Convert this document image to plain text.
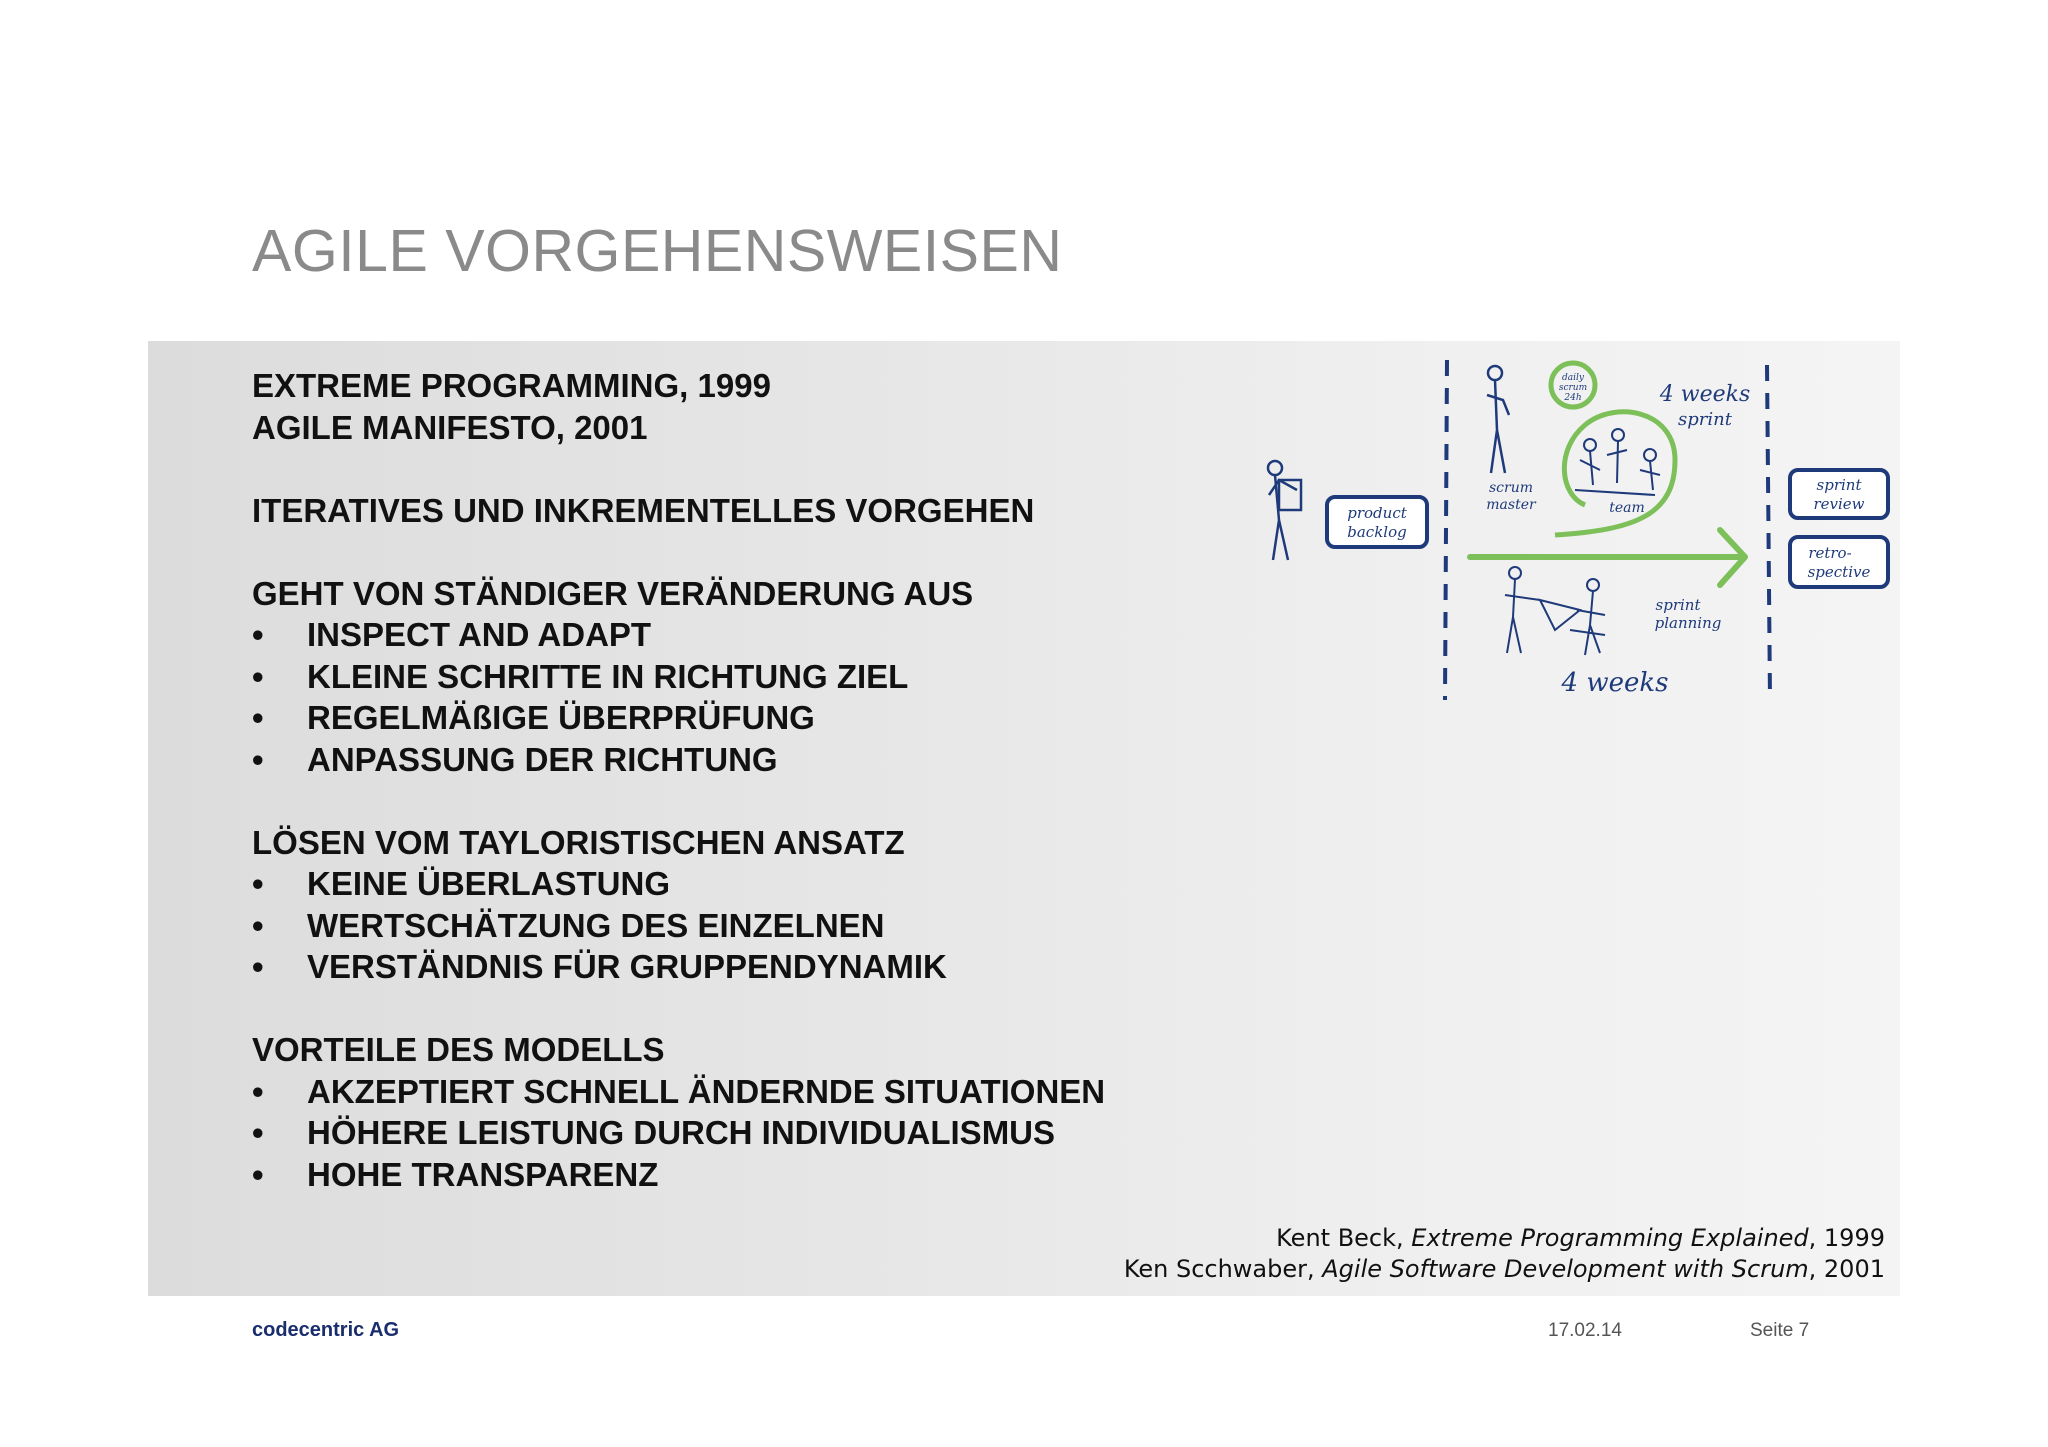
AGILE VORGEHENSWEISEN

EXTREME PROGRAMMING, 1999

AGILE MANIFESTO, 2001

ITERATIVES UND INKREMENTELLES VORGEHEN

GEHT VON STÄNDIGER VERÄNDERUNG AUS

•	INSPECT AND ADAPT
•	KLEINE SCHRITTE IN RICHTUNG ZIEL
•	REGELMÄßIGE ÜBERPRÜFUNG
•	ANPASSUNG DER RICHTUNG

LÖSEN VOM TAYLORISTISCHEN ANSATZ

•	KEINE ÜBERLASTUNG
•	WERTSCHÄTZUNG DES EINZELNEN
•	VERSTÄNDNIS FÜR GRUPPENDYNAMIK

VORTEILE DES MODELLS

•	AKZEPTIERT SCHNELL ÄNDERNDE SITUATIONEN
•	HÖHERE LEISTUNG DURCH INDIVIDUALISMUS
•	HOHE TRANSPARENZ
product
backlog
scrum
master
daily
scrum
24h
team
4 weeks
sprint
sprint
planning
4 weeks
sprint
review
retro-
spective
Kent Beck, Extreme Programming Explained, 1999
Ken Scchwaber, Agile Software Development with Scrum, 2001
codecentric AG	17.02.14	Seite 7
